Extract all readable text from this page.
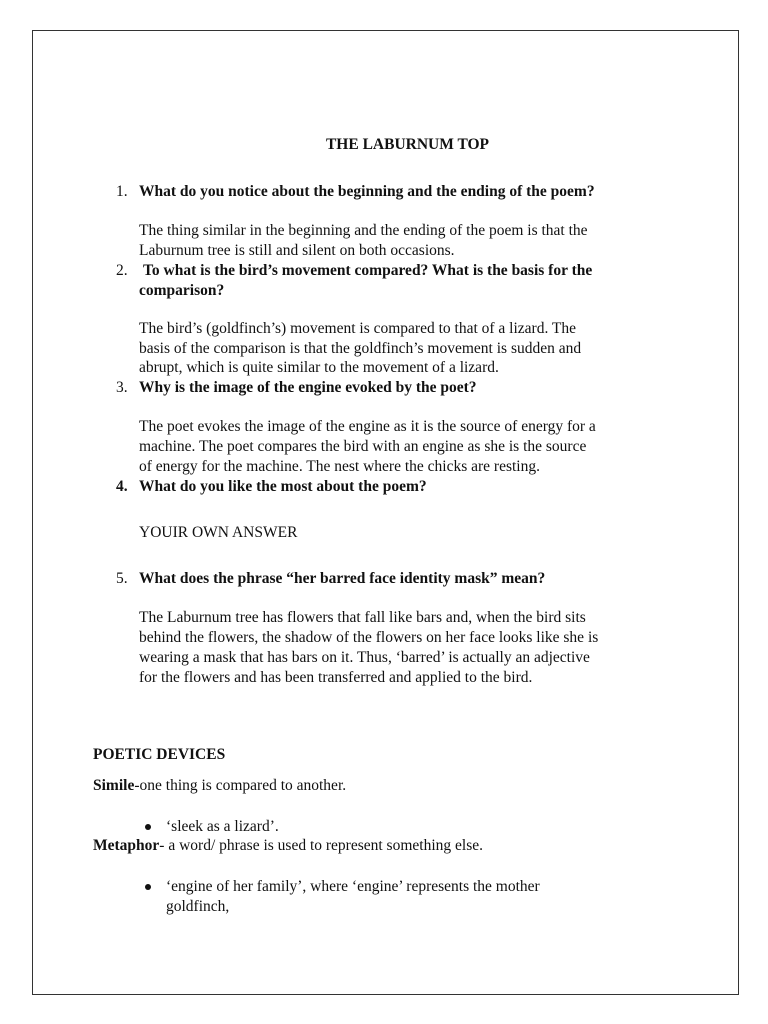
THE LABURNUM TOP
1. What do you notice about the beginning and the ending of the poem?

The thing similar in the beginning and the ending of the poem is that the

Laburnum tree is still and silent on both occasions.

2. To what is the bird’s movement compared? What is the basis for the

comparison?

The bird’s (goldfinch’s) movement is compared to that of a lizard. The

basis of the comparison is that the goldfinch’s movement is sudden and

abrupt, which is quite similar to the movement of a lizard.

3. Why is the image of the engine evoked by the poet?

The poet evokes the image of the engine as it is the source of energy for a

machine. The poet compares the bird with an engine as she is the source

of energy for the machine. The nest where the chicks are resting.

4. What do you like the most about the poem?

YOUIR OWN ANSWER

5. What does the phrase “her barred face identity mask” mean?

The Laburnum tree has flowers that fall like bars and, when the bird sits

behind the flowers, the shadow of the flowers on her face looks like she is

wearing a mask that has bars on it. Thus, ‘barred’ is actually an adjective

for the flowers and has been transferred and applied to the bird.

POETIC DEVICES

Simile-one thing is compared to another.

‘sleek as a lizard’.

Metaphor- a word/ phrase is used to represent something else.

‘engine of her family’, where ‘engine’ represents the mother

goldfinch,
